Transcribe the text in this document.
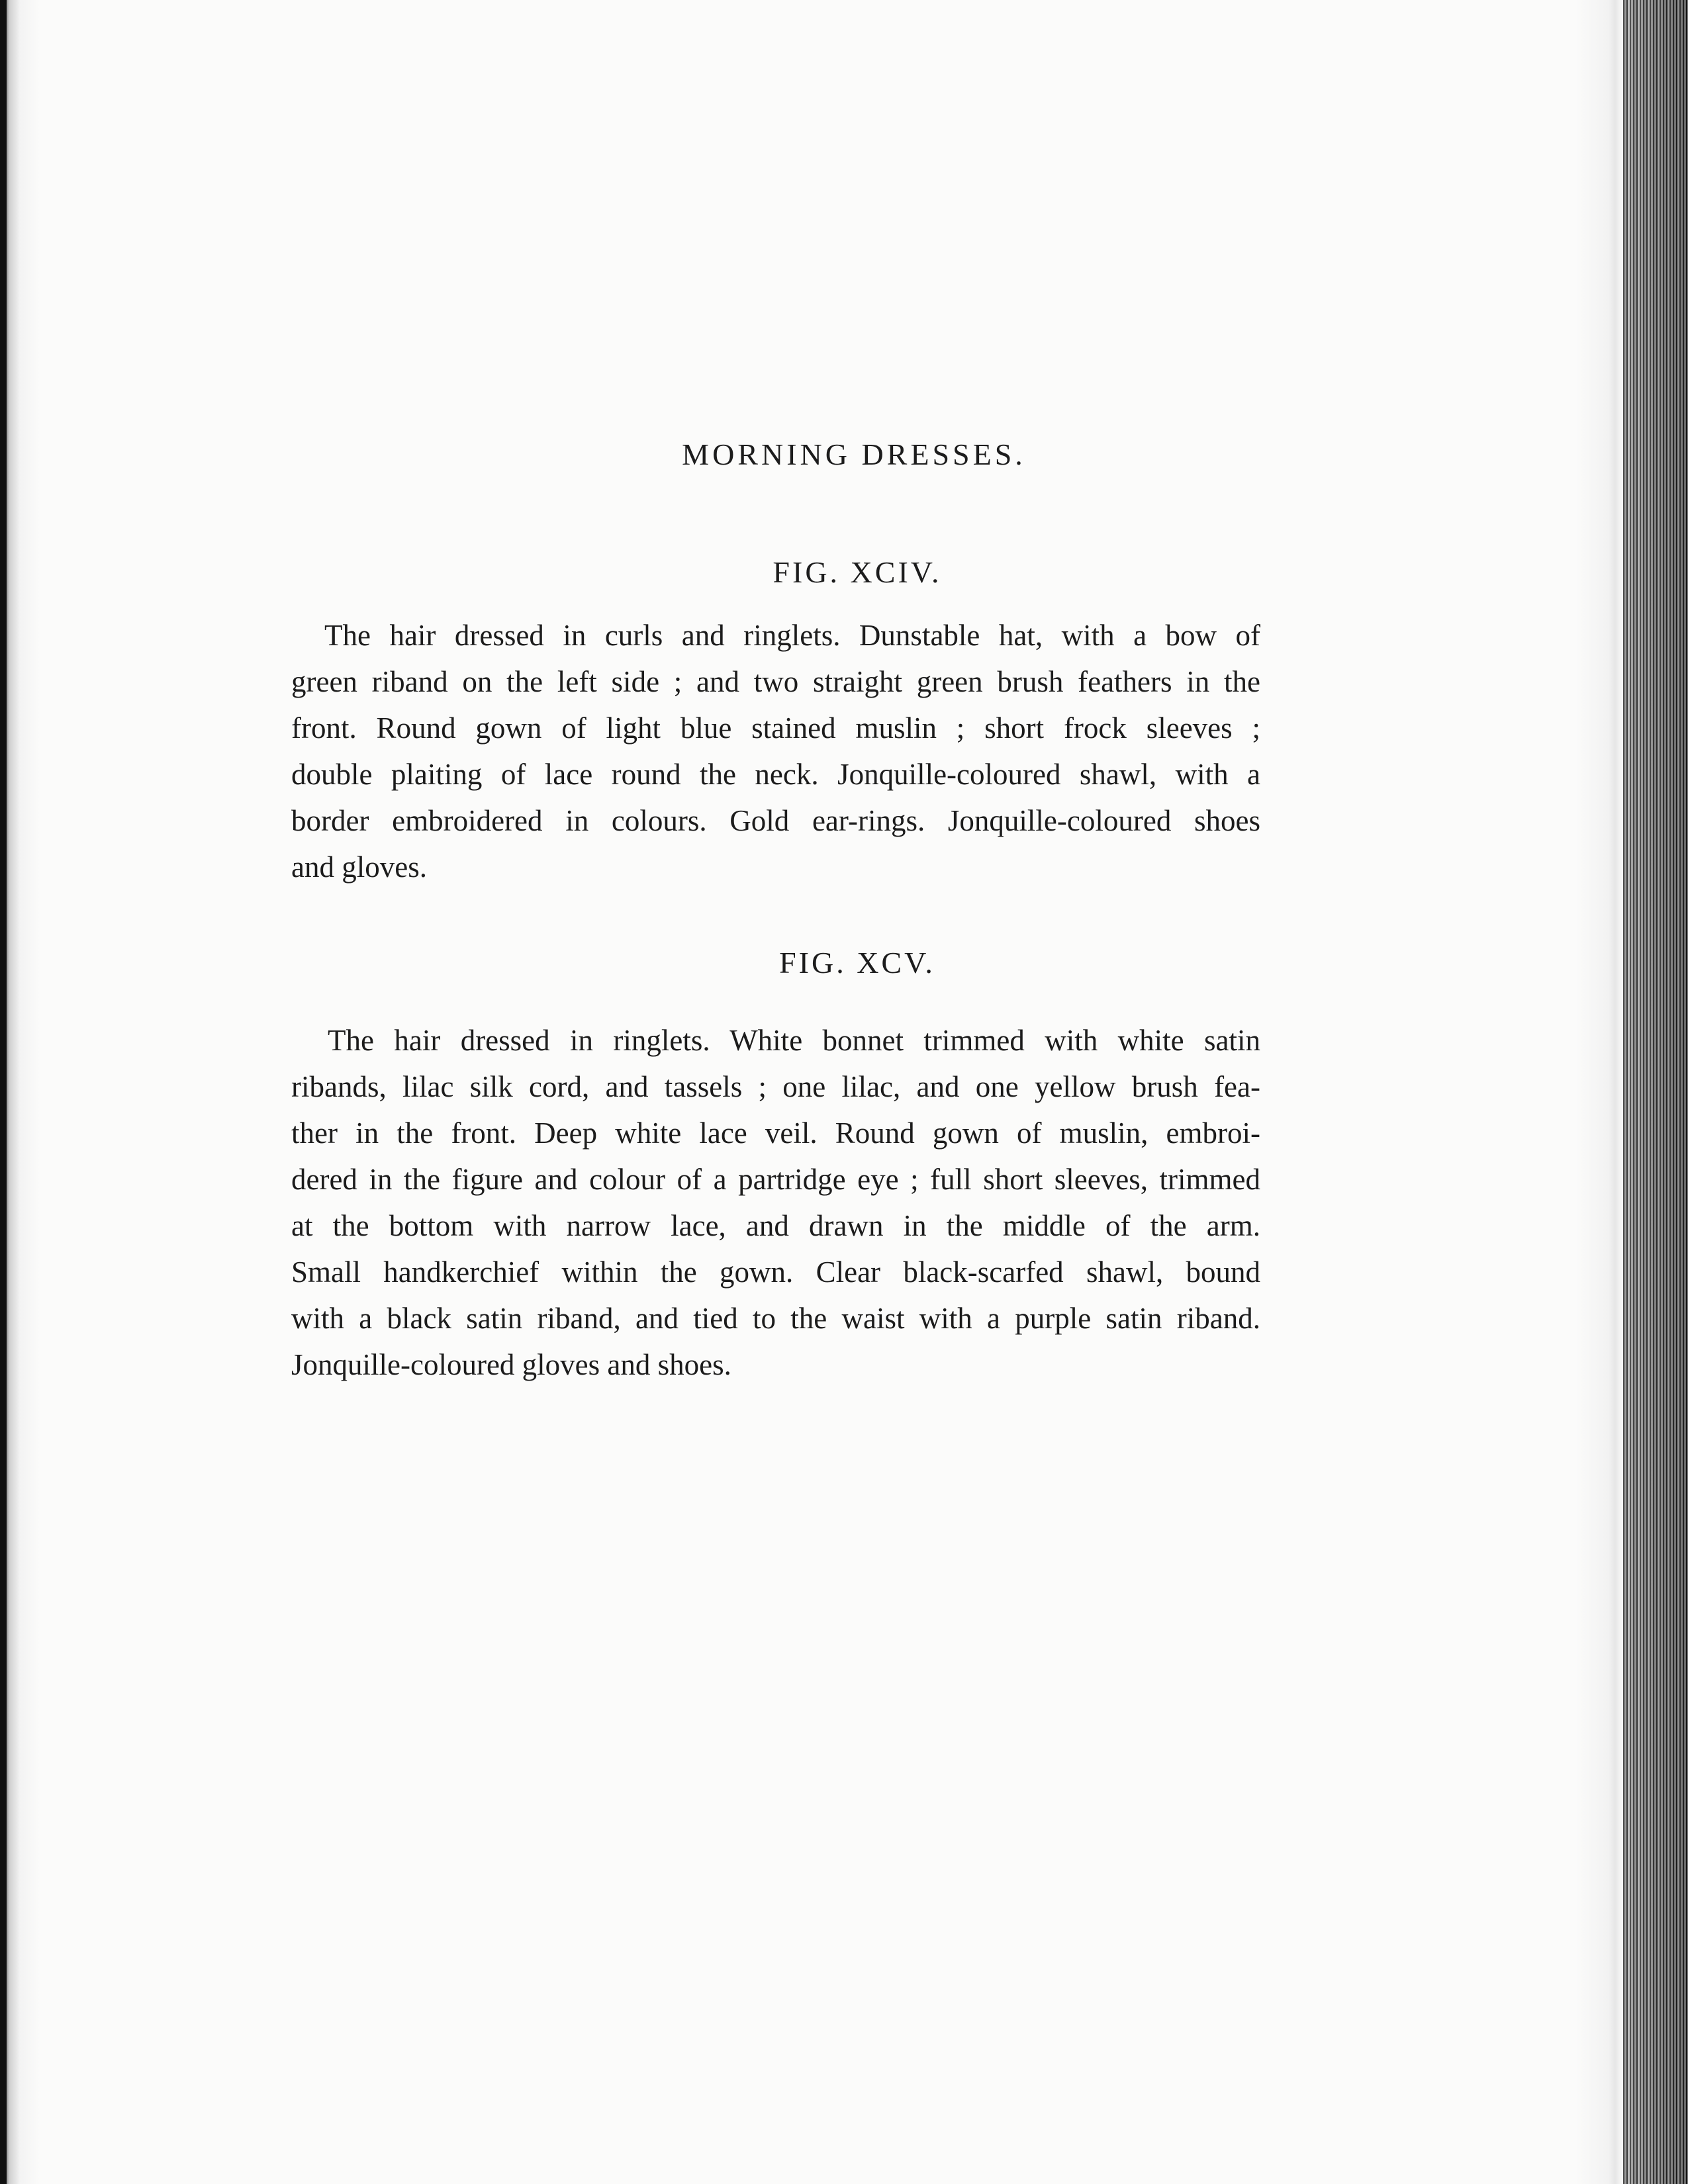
MORNING DRESSES.
FIG. XCIV.
The hair dressed in curls and ringlets. Dunstable hat, with a bow of
green riband on the left side ; and two straight green brush feathers in the
front. Round gown of light blue stained muslin ; short frock sleeves ;
double plaiting of lace round the neck. Jonquille-coloured shawl, with a
border embroidered in colours. Gold ear-rings. Jonquille-coloured shoes
and gloves.
FIG. XCV.
The hair dressed in ringlets. White bonnet trimmed with white satin
ribands, lilac silk cord, and tassels ; one lilac, and one yellow brush fea-
ther in the front. Deep white lace veil. Round gown of muslin, embroi-
dered in the figure and colour of a partridge eye ; full short sleeves, trimmed
at the bottom with narrow lace, and drawn in the middle of the arm.
Small handkerchief within the gown. Clear black-scarfed shawl, bound
with a black satin riband, and tied to the waist with a purple satin riband.
Jonquille-coloured gloves and shoes.
